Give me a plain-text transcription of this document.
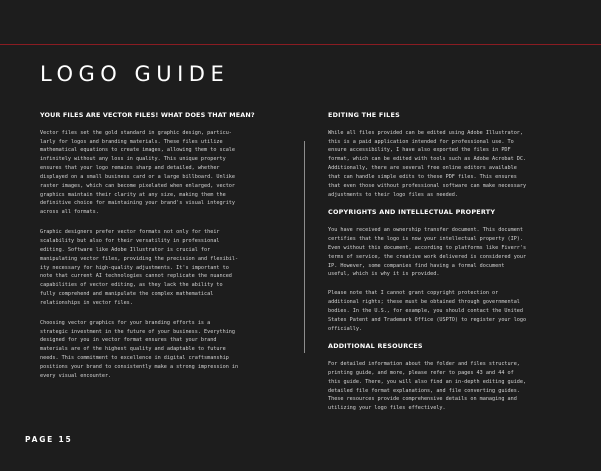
LOGO GUIDE
YOUR FILES ARE VECTOR FILES! WHAT DOES THAT MEAN?

Vector files set the gold standard in graphic design, particu-
larly for logos and branding materials. These files utilize
mathematical equations to create images, allowing them to scale
infinitely without any loss in quality. This unique property
ensures that your logo remains sharp and detailed, whether
displayed on a small business card or a large billboard. Unlike
raster images, which can become pixelated when enlarged, vector
graphics maintain their clarity at any size, making them the
definitive choice for maintaining your brand's visual integrity
across all formats.

Graphic designers prefer vector formats not only for their
scalability but also for their versatility in professional
editing. Software like Adobe Illustrator is crucial for
manipulating vector files, providing the precision and flexibil-
ity necessary for high-quality adjustments. It's important to
note that current AI technologies cannot replicate the nuanced
capabilities of vector editing, as they lack the ability to
fully comprehend and manipulate the complex mathematical
relationships in vector files.

Choosing vector graphics for your branding efforts is a
strategic investment in the future of your business. Everything
designed for you in vector format ensures that your brand
materials are of the highest quality and adaptable to future
needs. This commitment to excellence in digital craftsmanship
positions your brand to consistently make a strong impression in
every visual encounter.

EDITING THE FILES

While all files provided can be edited using Adobe Illustrator,
this is a paid application intended for professional use. To
ensure accessibility, I have also exported the files in PDF
format, which can be edited with tools such as Adobe Acrobat DC.
Additionally, there are several free online editors available
that can handle simple edits to these PDF files. This ensures
that even those without professional software can make necessary
adjustments to their logo files as needed.

COPYRIGHTS AND INTELLECTUAL PROPERTY

You have received an ownership transfer document. This document
certifies that the logo is now your intellectual property (IP).
Even without this document, according to platforms like Fiverr's
terms of service, the creative work delivered is considered your
IP. However, some companies find having a formal document
useful, which is why it is provided.

Please note that I cannot grant copyright protection or
additional rights; these must be obtained through governmental
bodies. In the U.S., for example, you should contact the United
States Patent and Trademark Office (USPTO) to register your logo
officially.

ADDITIONAL RESOURCES

For detailed information about the folder and files structure,
printing guide, and more, please refer to pages 43 and 44 of
this guide. There, you will also find an in-depth editing guide,
detailed file format explanations, and file converting guides.
These resources provide comprehensive details on managing and
utilizing your logo files effectively.

PAGE 15
